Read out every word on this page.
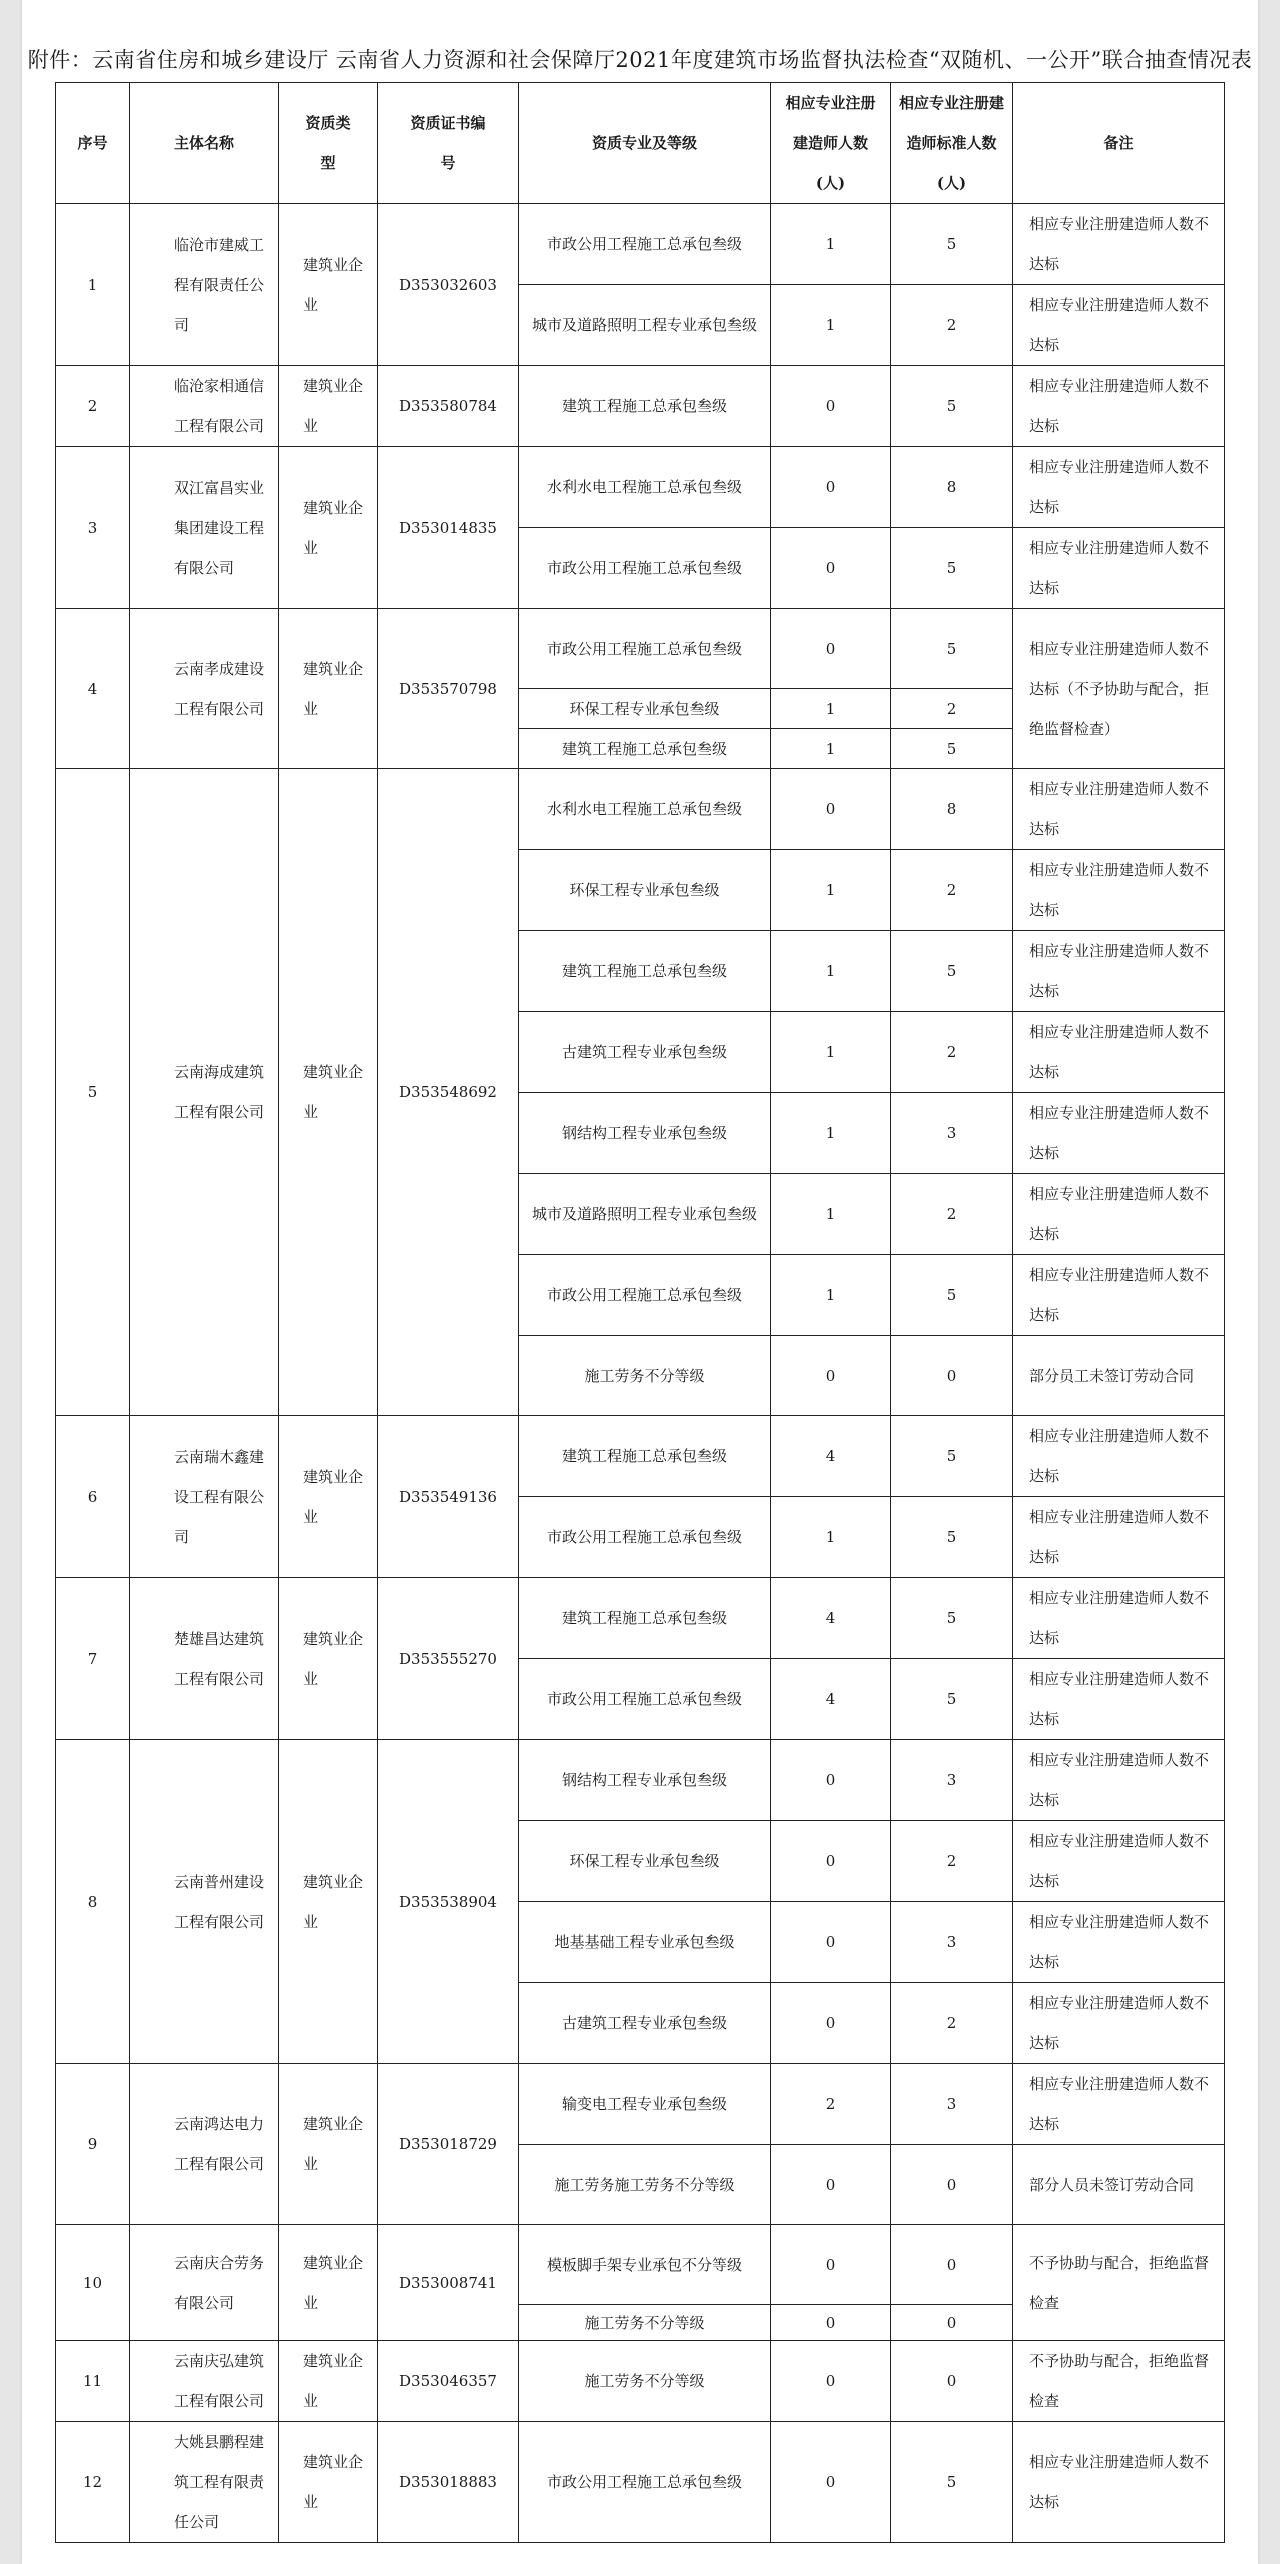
附件：云南省住房和城乡建设厅 云南省人力资源和社会保障厅2021年度建筑市场监督执法检查“双随机、一公开”联合抽查情况表
序号	主体名称	资质类型	资质证书编号	资质专业及等级	相应专业注册建造师人数(人)	相应专业注册建造师标准人数(人)	备注
1	临沧市建威工程有限责任公司	建筑业企业	D353032603	市政公用工程施工总承包叁级	1	5	相应专业注册建造师人数不达标
				城市及道路照明工程专业承包叁级	1	2	相应专业注册建造师人数不达标
2	临沧家相通信工程有限公司	建筑业企业	D353580784	建筑工程施工总承包叁级	0	5	相应专业注册建造师人数不达标
3	双江富昌实业集团建设工程有限公司	建筑业企业	D353014835	水利水电工程施工总承包叁级	0	8	相应专业注册建造师人数不达标
				市政公用工程施工总承包叁级	0	5	相应专业注册建造师人数不达标
4	云南孝成建设工程有限公司	建筑业企业	D353570798	市政公用工程施工总承包叁级	0	5	相应专业注册建造师人数不达标（不予协助与配合，拒绝监督检查）
				环保工程专业承包叁级	1	2	
				建筑工程施工总承包叁级	1	5	
5	云南海成建筑工程有限公司	建筑业企业	D353548692	水利水电工程施工总承包叁级	0	8	相应专业注册建造师人数不达标
				环保工程专业承包叁级	1	2	相应专业注册建造师人数不达标
				建筑工程施工总承包叁级	1	5	相应专业注册建造师人数不达标
				古建筑工程专业承包叁级	1	2	相应专业注册建造师人数不达标
				钢结构工程专业承包叁级	1	3	相应专业注册建造师人数不达标
				城市及道路照明工程专业承包叁级	1	2	相应专业注册建造师人数不达标
				市政公用工程施工总承包叁级	1	5	相应专业注册建造师人数不达标
				施工劳务不分等级	0	0	部分员工未签订劳动合同
6	云南瑞木鑫建设工程有限公司	建筑业企业	D353549136	建筑工程施工总承包叁级	4	5	相应专业注册建造师人数不达标
				市政公用工程施工总承包叁级	1	5	相应专业注册建造师人数不达标
7	楚雄昌达建筑工程有限公司	建筑业企业	D353555270	建筑工程施工总承包叁级	4	5	相应专业注册建造师人数不达标
				市政公用工程施工总承包叁级	4	5	相应专业注册建造师人数不达标
8	云南普州建设工程有限公司	建筑业企业	D353538904	钢结构工程专业承包叁级	0	3	相应专业注册建造师人数不达标
				环保工程专业承包叁级	0	2	相应专业注册建造师人数不达标
				地基基础工程专业承包叁级	0	3	相应专业注册建造师人数不达标
				古建筑工程专业承包叁级	0	2	相应专业注册建造师人数不达标
9	云南鸿达电力工程有限公司	建筑业企业	D353018729	输变电工程专业承包叁级	2	3	相应专业注册建造师人数不达标
				施工劳务施工劳务不分等级	0	0	部分人员未签订劳动合同
10	云南庆合劳务有限公司	建筑业企业	D353008741	模板脚手架专业承包不分等级	0	0	不予协助与配合，拒绝监督检查
				施工劳务不分等级	0	0	
11	云南庆弘建筑工程有限公司	建筑业企业	D353046357	施工劳务不分等级	0	0	不予协助与配合，拒绝监督检查
12	大姚县鹏程建筑工程有限责任公司	建筑业企业	D353018883	市政公用工程施工总承包叁级	0	5	相应专业注册建造师人数不达标
